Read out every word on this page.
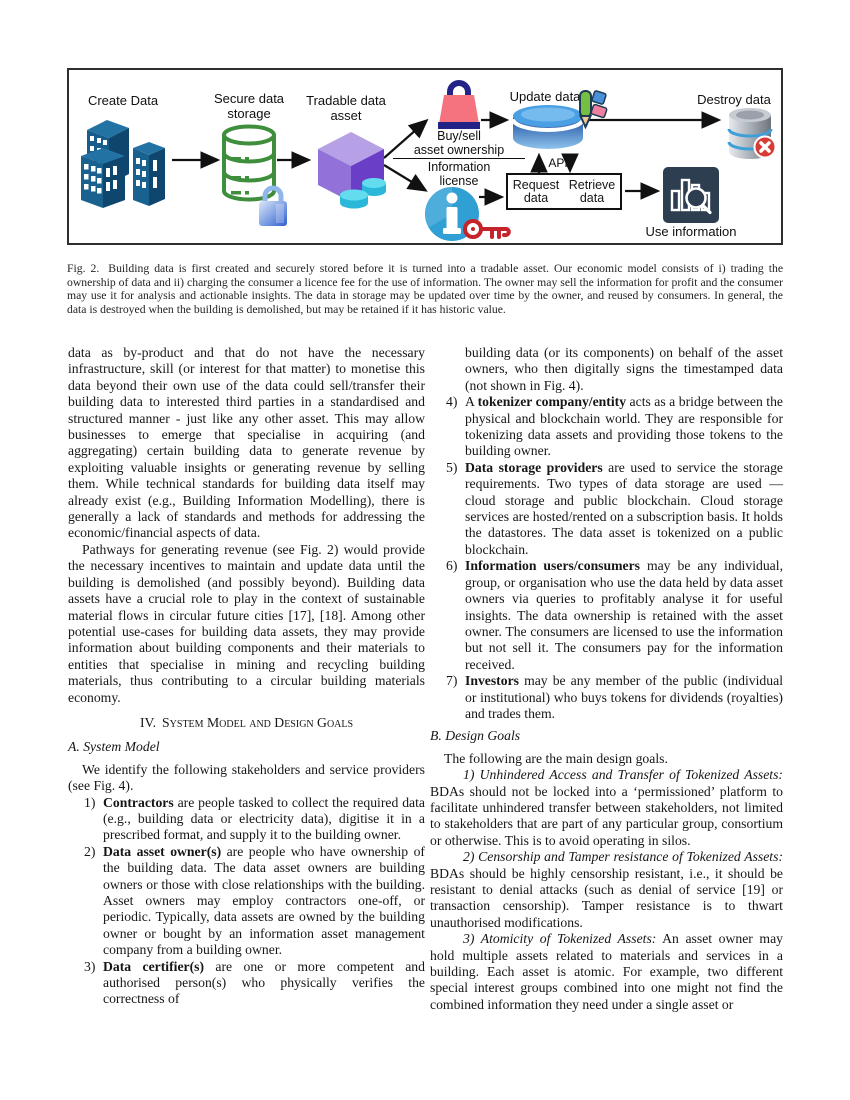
Create Data	Secure data storage
Tradable data asset
Update data	Destroy data
API
Use information
Buy/sell
asset ownership
Information
license	Request data
Retrieve data
Fig. 2. Building data is first created and securely stored before it is turned into a tradable asset. Our economic model consists of i) trading the ownership of data and ii) charging the consumer a licence fee for the use of information. The owner may sell the information for profit and the consumer may use it for analysis and actionable insights. The data in storage may be updated over time by the owner, and reused by consumers. In general, the data is destroyed when the building is demolished, but may be retained if it has historic value.

data as by-product and that do not have the necessary infrastructure, skill (or interest for that matter) to monetise this data beyond their own use of the data could sell/transfer their building data to interested third parties in a standardised and structured manner - just like any other asset. This may allow businesses to emerge that specialise in acquiring (and aggregating) certain building data to generate revenue by exploiting valuable insights or generating revenue by selling them. While technical standards for building data itself may already exist (e.g., Building Information Modelling), there is generally a lack of standards and methods for addressing the economic/financial aspects of data.

Pathways for generating revenue (see Fig. 2) would provide the necessary incentives to maintain and update data until the building is demolished (and possibly beyond). Building data assets have a crucial role to play in the context of sustainable material flows in circular future cities [17], [18]. Among other potential use-cases for building data assets, they may provide information about building components and their materials to entities that specialise in mining and recycling building materials, thus contributing to a circular building materials economy.

IV. System Model and Design Goals
A. System Model

We identify the following stakeholders and service providers (see Fig. 4).

1) Contractors are people tasked to collect the required data (e.g., building data or electricity data), digitise it in a prescribed format, and supply it to the building owner.

2) Data asset owner(s) are people who have ownership of the building data. The data asset owners are building owners or those with close relationships with the building. Asset owners may employ contractors one-off, or periodic. Typically, data assets are owned by the building owner or bought by an information asset management company from a building owner.

3) Data certifier(s) are one or more competent and authorised person(s) who physically verifies the correctness of

building data (or its components) on behalf of the asset owners, who then digitally signs the timestamped data (not shown in Fig. 4).

4) A tokenizer company/entity acts as a bridge between the physical and blockchain world. They are responsible for tokenizing data assets and providing those tokens to the building owner.

5) Data storage providers are used to service the storage requirements. Two types of data storage are used — cloud storage and public blockchain. Cloud storage services are hosted/rented on a subscription basis. It holds the datastores. The data asset is tokenized on a public blockchain.

6) Information users/consumers may be any individual, group, or organisation who use the data held by data asset owners via queries to profitably analyse it for useful insights. The data ownership is retained with the asset owner. The consumers are licensed to use the information but not sell it. The consumers pay for the information received.

7) Investors may be any member of the public (individual or institutional) who buys tokens for dividends (royalties) and trades them.

B. Design Goals

The following are the main design goals.

1) Unhindered Access and Transfer of Tokenized Assets: BDAs should not be locked into a ‘permissioned’ platform to facilitate unhindered transfer between stakeholders, not limited to stakeholders that are part of any particular group, consortium or otherwise. This is to avoid operating in silos.

2) Censorship and Tamper resistance of Tokenized Assets: BDAs should be highly censorship resistant, i.e., it should be resistant to denial attacks (such as denial of service [19] or transaction censorship). Tamper resistance is to thwart unauthorised modifications.

3) Atomicity of Tokenized Assets: An asset owner may hold multiple assets related to materials and services in a building. Each asset is atomic. For example, two different special interest groups combined into one might not find the combined information they need under a single asset or
